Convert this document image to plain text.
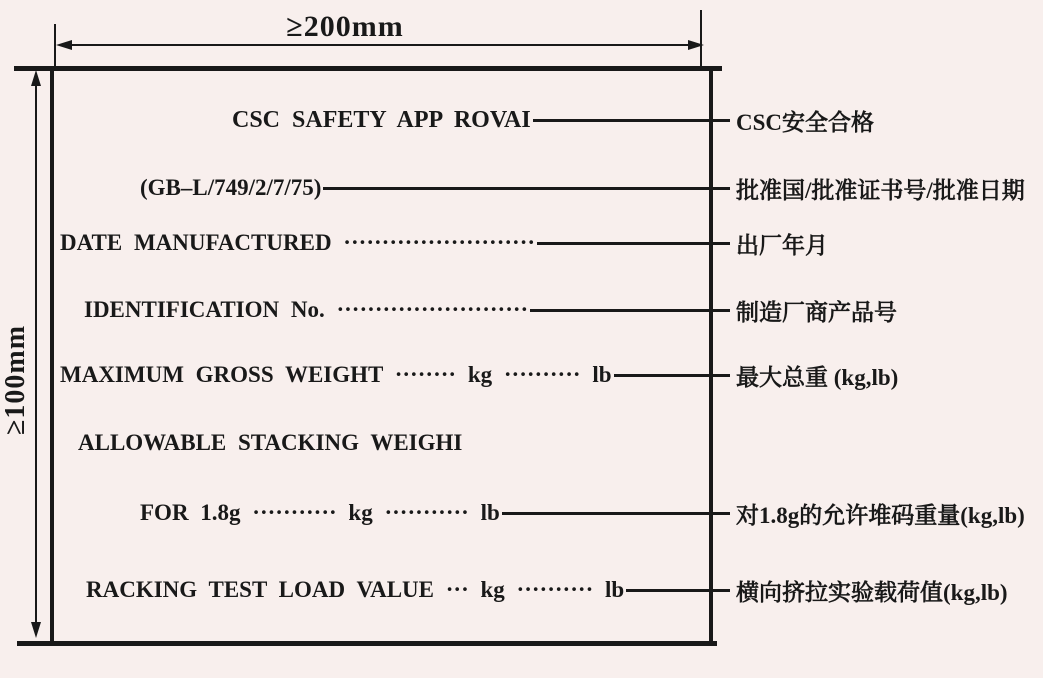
≥200mm
≥100mm
CSC SAFETY APP ROVAI	CSC安全合格
(GB–L/749/2/7/75)	批准国/批准证书号/批准日期
DATE MANUFACTURED ·························	出厂年月
IDENTIFICATION No. ·························	制造厂商产品号
MAXIMUM GROSS WEIGHT ········ kg ·········· lb	最大总重 (kg,lb)
ALLOWABLE STACKING WEIGHI
FOR 1.8g ··········· kg ··········· lb	对1.8g的允许堆码重量(kg,lb)
RACKING TEST LOAD VALUE ··· kg ·········· lb	横向挤拉实验载荷值(kg,lb)
